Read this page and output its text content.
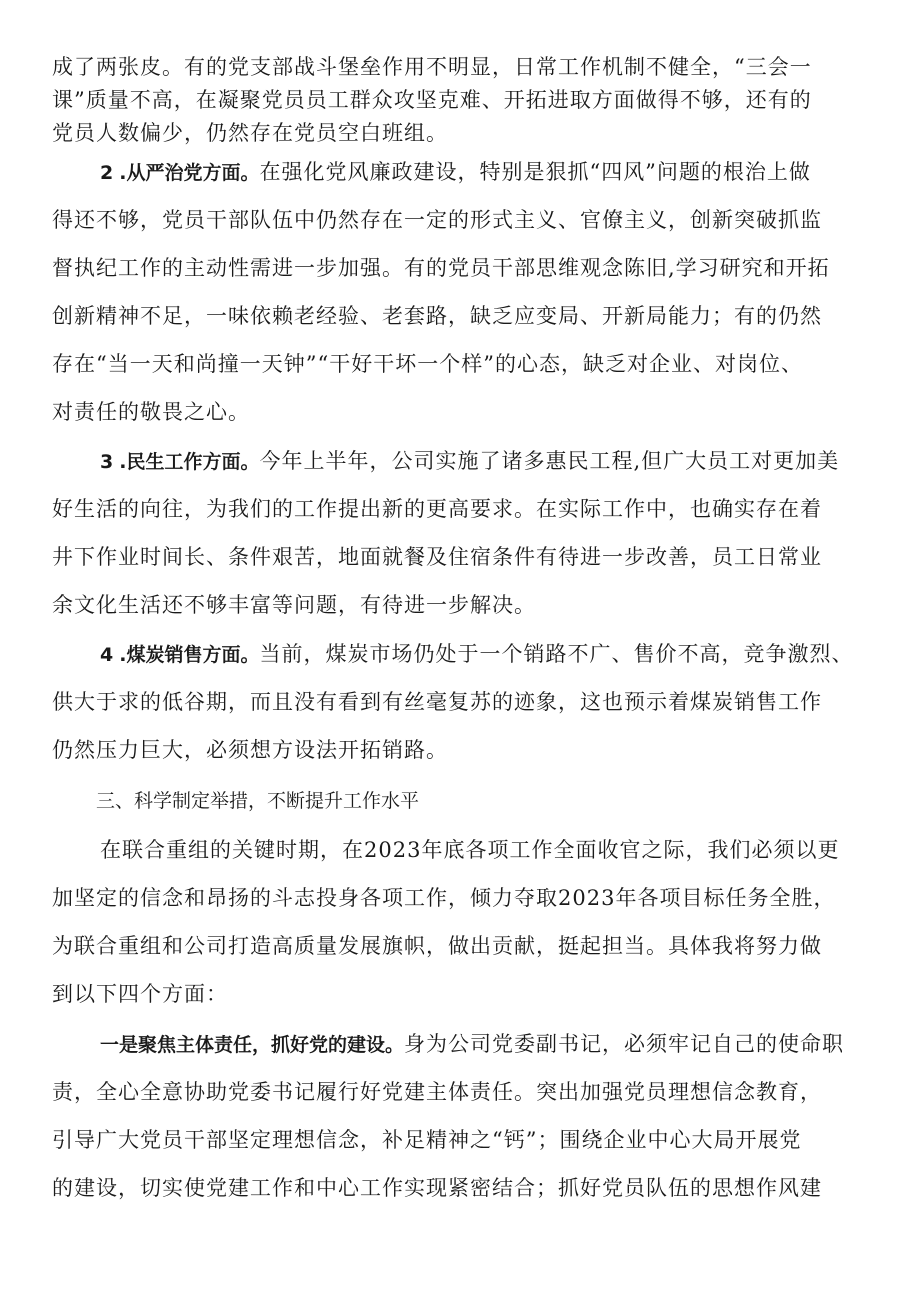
成了两张皮。有的党支部战斗堡垒作用不明显，日常工作机制不健全，“三会一
课”质量不高，在凝聚党员员工群众攻坚克难、开拓进取方面做得不够，还有的
党员人数偏少，仍然存在党员空白班组。
2 .从严治党方面。在强化党风廉政建设，特别是狠抓“四风”问题的根治上做
得还不够，党员干部队伍中仍然存在一定的形式主义、官僚主义，创新突破抓监
督执纪工作的主动性需进一步加强。有的党员干部思维观念陈旧,学习研究和开拓
创新精神不足，一味依赖老经验、老套路，缺乏应变局、开新局能力；有的仍然
存在“当一天和尚撞一天钟”“干好干坏一个样”的心态，缺乏对企业、对岗位、
对责任的敬畏之心。
3 .民生工作方面。今年上半年，公司实施了诸多惠民工程,但广大员工对更加美
好生活的向往，为我们的工作提出新的更高要求。在实际工作中，也确实存在着
井下作业时间长、条件艰苦，地面就餐及住宿条件有待进一步改善，员工日常业
余文化生活还不够丰富等问题，有待进一步解决。
4 .煤炭销售方面。当前，煤炭市场仍处于一个销路不广、售价不高，竞争激烈、
供大于求的低谷期，而且没有看到有丝毫复苏的迹象，这也预示着煤炭销售工作
仍然压力巨大，必须想方设法开拓销路。
三、科学制定举措，不断提升工作水平
在联合重组的关键时期，在2023年底各项工作全面收官之际，我们必须以更
加坚定的信念和昂扬的斗志投身各项工作，倾力夺取2023年各项目标任务全胜，
为联合重组和公司打造高质量发展旗帜，做出贡献，挺起担当。具体我将努力做
到以下四个方面：
一是聚焦主体责任，抓好党的建设。身为公司党委副书记，必须牢记自己的使命职
责，全心全意协助党委书记履行好党建主体责任。突出加强党员理想信念教育，
引导广大党员干部坚定理想信念，补足精神之“钙”；围绕企业中心大局开展党
的建设，切实使党建工作和中心工作实现紧密结合；抓好党员队伍的思想作风建
